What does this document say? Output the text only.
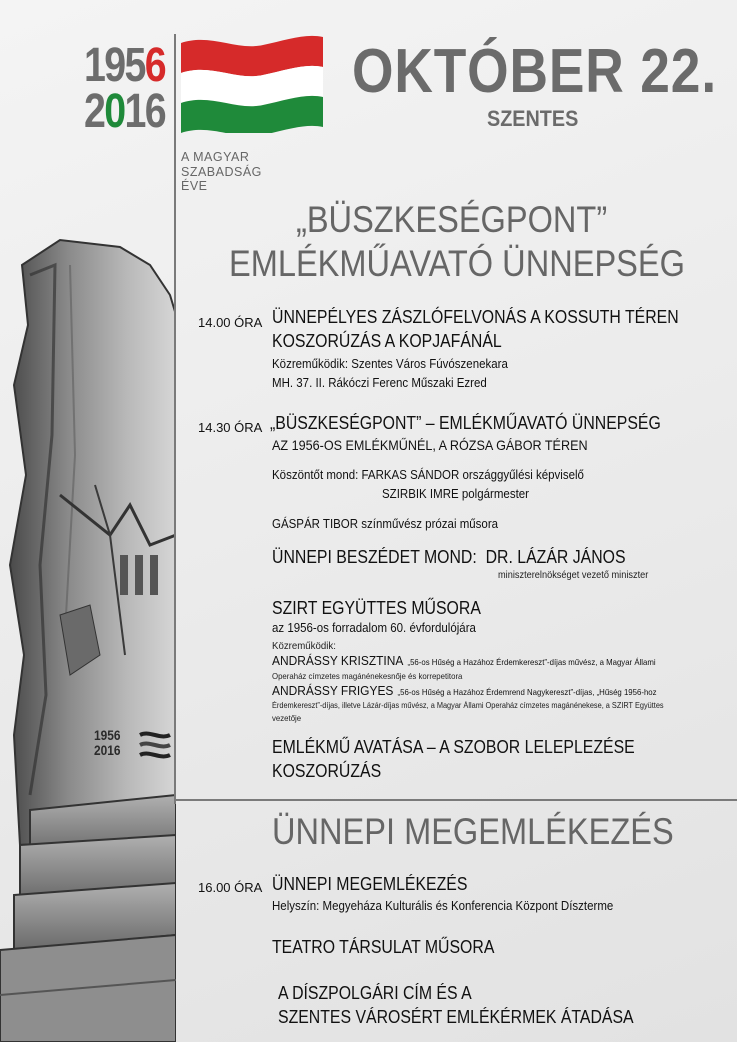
1956
2016
1956
2016
A MAGYAR
SZABADSÁG
ÉVE
OKTÓBER 22.
SZENTES
„BÜSZKESÉGPONT”
EMLÉKMŰAVATÓ ÜNNEPSÉG
14.00 ÓRA ÜNNEPÉLYES ZÁSZLÓFELVONÁS A KOSSUTH TÉREN
KOSZORÚZÁS A KOPJAFÁNÁL
Közreműködik: Szentes Város Fúvószenekara
MH. 37. II. Rákóczi Ferenc Műszaki Ezred
14.30 ÓRA „BÜSZKESÉGPONT” – EMLÉKMŰAVATÓ ÜNNEPSÉG
AZ 1956-OS EMLÉKMŰNÉL, A RÓZSA GÁBOR TÉREN
Köszöntőt mond: FARKAS SÁNDOR országgyűlési képviselő
SZIRBIK IMRE polgármester
GÁSPÁR TIBOR színművész prózai műsora
ÜNNEPI BESZÉDET MOND: DR. LÁZÁR JÁNOS
miniszterelnökséget vezető miniszter
SZIRT EGYÜTTES MŰSORA
az 1956-os forradalom 60. évfordulójára
Közreműködik:
ANDRÁSSY KRISZTINA „56-os Hűség a Hazához Érdemkereszt”-díjas művész, a Magyar Állami
Operaház címzetes magánénekesnője és korrepetitora
ANDRÁSSY FRIGYES „56-os Hűség a Hazához Érdemrend Nagykereszt”-díjas, „Hűség 1956-hoz
Érdemkereszt”-díjas, illetve Lázár-díjas művész, a Magyar Állami Operaház címzetes magánénekese, a SZIRT Együttes
vezetője
EMLÉKMŰ AVATÁSA – A SZOBOR LELEPLEZÉSE
KOSZORÚZÁS
ÜNNEPI MEGEMLÉKEZÉS
16.00 ÓRA ÜNNEPI MEGEMLÉKEZÉS
Helyszín: Megyeháza Kulturális és Konferencia Központ Díszterme
TEATRO TÁRSULAT MŰSORA
A DÍSZPOLGÁRI CÍM ÉS A
SZENTES VÁROSÉRT EMLÉKÉRMEK ÁTADÁSA
